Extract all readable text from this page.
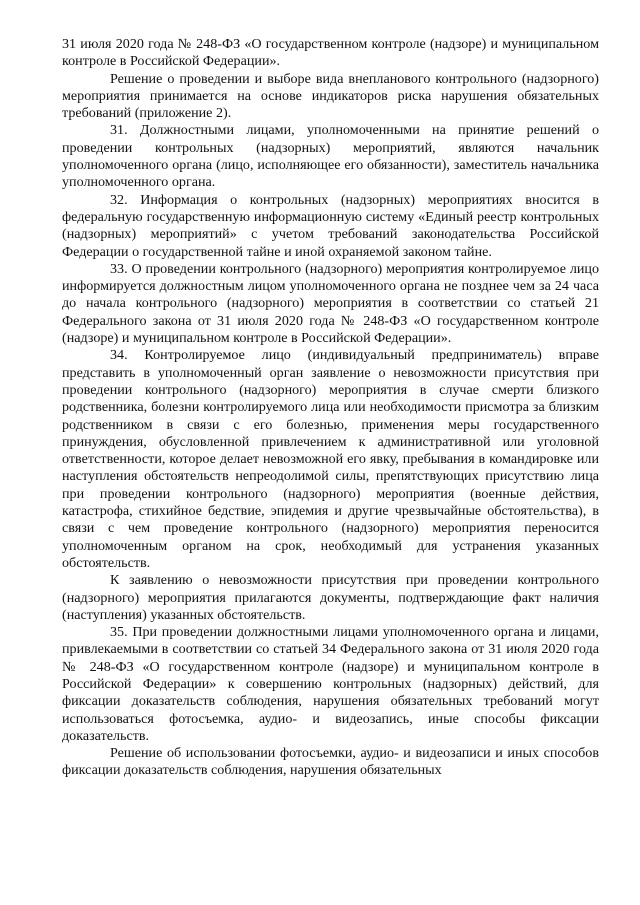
31 июля 2020 года № 248-ФЗ «О государственном контроле (надзоре) и муниципальном контроле в Российской Федерации».

Решение о проведении и выборе вида внепланового контрольного (надзорного) мероприятия принимается на основе индикаторов риска нарушения обязательных требований (приложение 2).

31. Должностными лицами, уполномоченными на принятие решений о проведении контрольных (надзорных) мероприятий, являются начальник уполномоченного органа (лицо, исполняющее его обязанности), заместитель начальника уполномоченного органа.

32. Информация о контрольных (надзорных) мероприятиях вносится в федеральную государственную информационную систему «Единый реестр контрольных (надзорных) мероприятий» с учетом требований законодательства Российской Федерации о государственной тайне и иной охраняемой законом тайне.

33. О проведении контрольного (надзорного) мероприятия контролируемое лицо информируется должностным лицом уполномоченного органа не позднее чем за 24 часа до начала контрольного (надзорного) мероприятия в соответствии со статьей 21 Федерального закона от 31 июля 2020 года № 248-ФЗ «О государственном контроле (надзоре) и муниципальном контроле в Российской Федерации».

34. Контролируемое лицо (индивидуальный предприниматель) вправе представить в уполномоченный орган заявление о невозможности присутствия при проведении контрольного (надзорного) мероприятия в случае смерти близкого родственника, болезни контролируемого лица или необходимости присмотра за близким родственником в связи с его болезнью, применения меры государственного принуждения, обусловленной привлечением к административной или уголовной ответственности, которое делает невозможной его явку, пребывания в командировке или наступления обстоятельств непреодолимой силы, препятствующих присутствию лица при проведении контрольного (надзорного) мероприятия (военные действия, катастрофа, стихийное бедствие, эпидемия и другие чрезвычайные обстоятельства), в связи с чем проведение контрольного (надзорного) мероприятия переносится уполномоченным органом на срок, необходимый для устранения указанных обстоятельств.

К заявлению о невозможности присутствия при проведении контрольного (надзорного) мероприятия прилагаются документы, подтверждающие факт наличия (наступления) указанных обстоятельств.

35. При проведении должностными лицами уполномоченного органа и лицами, привлекаемыми в соответствии со статьей 34 Федерального закона от 31 июля 2020 года № 248-ФЗ «О государственном контроле (надзоре) и муниципальном контроле в Российской Федерации» к совершению контрольных (надзорных) действий, для фиксации доказательств соблюдения, нарушения обязательных требований могут использоваться фотосъемка, аудио- и видеозапись, иные способы фиксации доказательств.

Решение об использовании фотосъемки, аудио- и видеозаписи и иных способов фиксации доказательств соблюдения, нарушения обязательных
